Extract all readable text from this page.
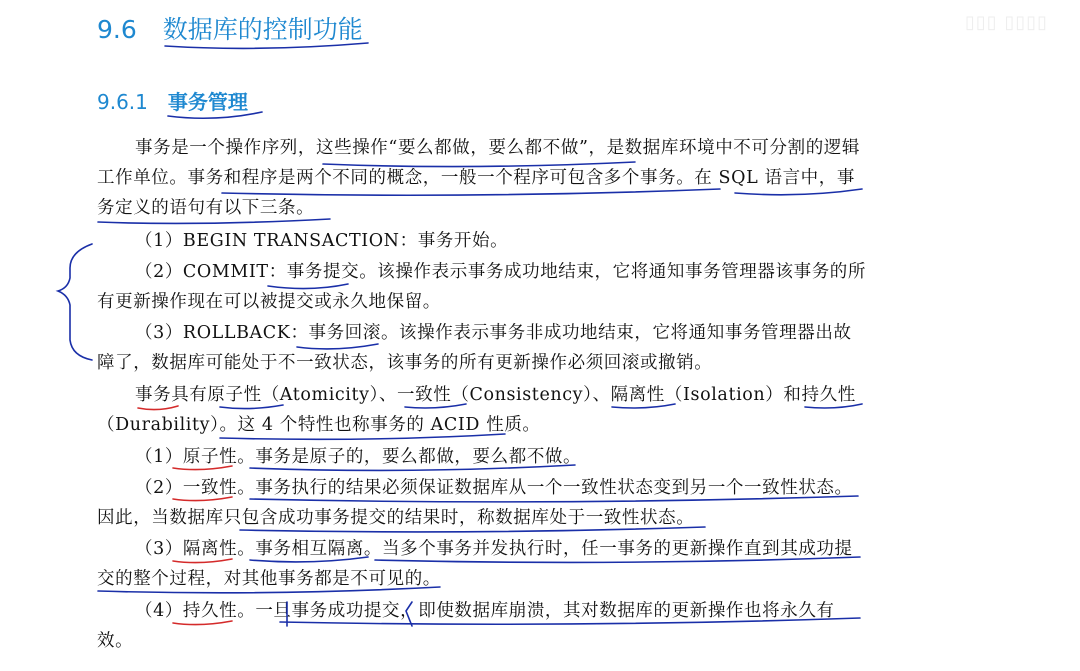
▯▯▯ ▯▯▯▯
9.6 数据库的控制功能
9.6.1 事务管理

事务是一个操作序列，这些操作“要么都做，要么都不做”，是数据库环境中不可分割的逻辑工作单位。事务和程序是两个不同的概念，一般一个程序可包含多个事务。在 SQL 语言中，事务定义的语句有以下三条。

（1）BEGIN TRANSACTION：事务开始。

（2）COMMIT：事务提交。该操作表示事务成功地结束，它将通知事务管理器该事务的所有更新操作现在可以被提交或永久地保留。

（3）ROLLBACK：事务回滚。该操作表示事务非成功地结束，它将通知事务管理器出故障了，数据库可能处于不一致状态，该事务的所有更新操作必须回滚或撤销。

事务具有原子性（Atomicity）、一致性（Consistency）、隔离性（Isolation）和持久性（Durability）。这 4 个特性也称事务的 ACID 性质。

（1）原子性。事务是原子的，要么都做，要么都不做。

（2）一致性。事务执行的结果必须保证数据库从一个一致性状态变到另一个一致性状态。因此，当数据库只包含成功事务提交的结果时，称数据库处于一致性状态。

（3）隔离性。事务相互隔离。当多个事务并发执行时，任一事务的更新操作直到其成功提交的整个过程，对其他事务都是不可见的。

（4）持久性。一旦事务成功提交，即使数据库崩溃，其对数据库的更新操作也将永久有效。
